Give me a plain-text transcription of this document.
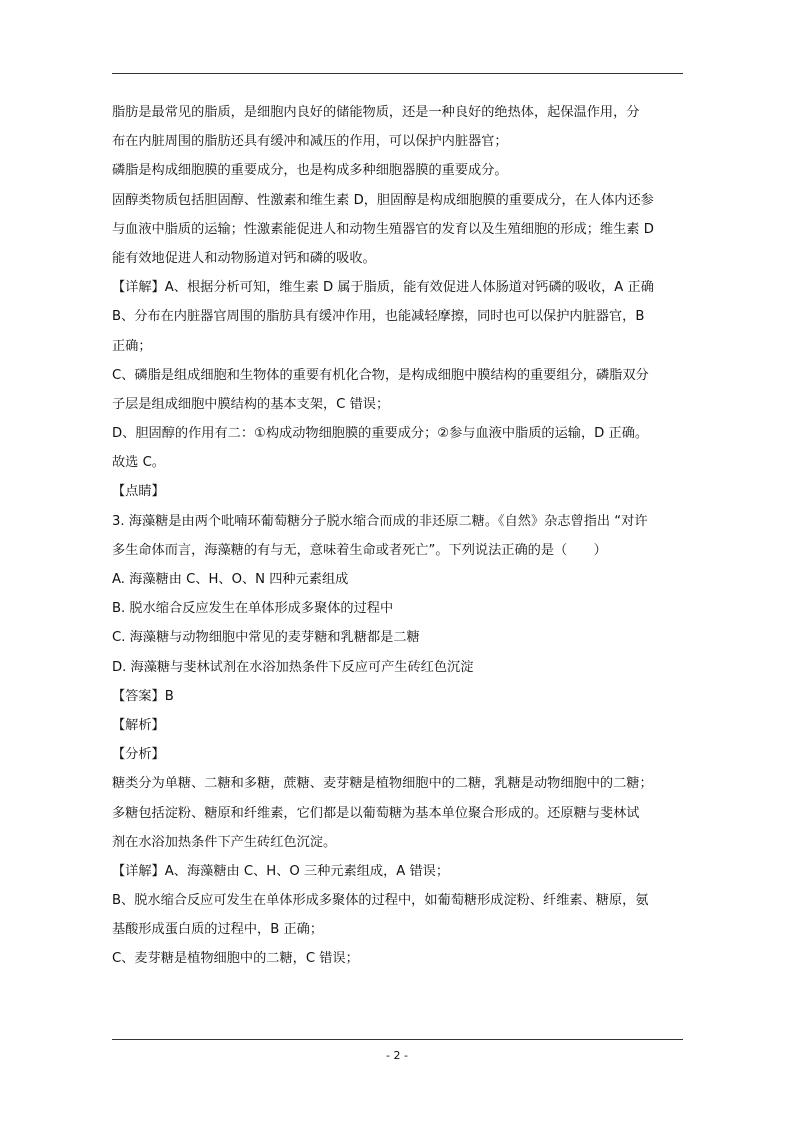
脂肪是最常见的脂质，是细胞内良好的储能物质，还是一种良好的绝热体，起保温作用，分
布在内脏周围的脂肪还具有缓冲和减压的作用，可以保护内脏器官；
磷脂是构成细胞膜的重要成分，也是构成多种细胞器膜的重要成分。
固醇类物质包括胆固醇、性激素和维生素 D，胆固醇是构成细胞膜的重要成分，在人体内还参
与血液中脂质的运输；性激素能促进人和动物生殖器官的发育以及生殖细胞的形成；维生素 D
能有效地促进人和动物肠道对钙和磷的吸收。
【详解】A、根据分析可知，维生素 D 属于脂质，能有效促进人体肠道对钙磷的吸收，A 正确
B、分布在内脏器官周围的脂肪具有缓冲作用，也能减轻摩擦，同时也可以保护内脏器官，B
正确；
C、磷脂是组成细胞和生物体的重要有机化合物，是构成细胞中膜结构的重要组分，磷脂双分
子层是组成细胞中膜结构的基本支架，C 错误；
D、胆固醇的作用有二：①构成动物细胞膜的重要成分；②参与血液中脂质的运输，D 正确。
故选 C。
【点睛】
3. 海藻糖是由两个吡喃环葡萄糖分子脱水缩合而成的非还原二糖。《自然》杂志曾指出 “对许
多生命体而言，海藻糖的有与无，意味着生命或者死亡”。下列说法正确的是（　　）
A. 海藻糖由 C、H、O、N 四种元素组成
B. 脱水缩合反应发生在单体形成多聚体的过程中
C. 海藻糖与动物细胞中常见的麦芽糖和乳糖都是二糖
D. 海藻糖与斐林试剂在水浴加热条件下反应可产生砖红色沉淀
【答案】B
【解析】
【分析】
糖类分为单糖、二糖和多糖，蔗糖、麦芽糖是植物细胞中的二糖，乳糖是动物细胞中的二糖；
多糖包括淀粉、糖原和纤维素，它们都是以葡萄糖为基本单位聚合形成的。还原糖与斐林试
剂在水浴加热条件下产生砖红色沉淀。
【详解】A、海藻糖由 C、H、O 三种元素组成，A 错误；
B、脱水缩合反应可发生在单体形成多聚体的过程中，如葡萄糖形成淀粉、纤维素、糖原，氨
基酸形成蛋白质的过程中，B 正确；
C、麦芽糖是植物细胞中的二糖，C 错误；
- 2 -
